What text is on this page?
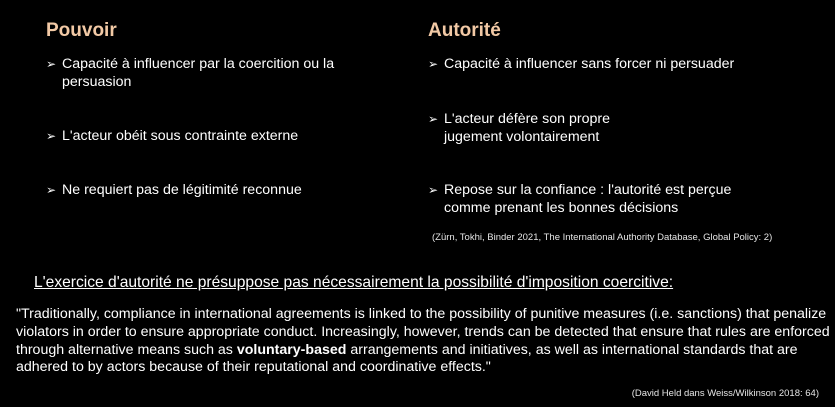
Pouvoir
➢ Capacité à influencer par la coercition ou la persuasion
➢ L'acteur obéit sous contrainte externe
➢ Ne requiert pas de légitimité reconnue
Autorité
➢ Capacité à influencer sans forcer ni persuader
➢ L'acteur défère son propre jugement volontairement
➢ Repose sur la confiance : l'autorité est perçue comme prenant les bonnes décisions
(Zürn, Tokhi, Binder 2021, The International Authority Database, Global Policy: 2)
L'exercice d'autorité ne présuppose pas nécessairement la possibilité d'imposition coercitive:
"Traditionally, compliance in international agreements is linked to the possibility of punitive measures (i.e. sanctions) that penalize violators in order to ensure appropriate conduct. Increasingly, however, trends can be detected that ensure that rules are enforced through alternative means such as voluntary-based arrangements and initiatives, as well as international standards that are adhered to by actors because of their reputational and coordinative effects."
(David Held dans Weiss/Wilkinson 2018: 64)
